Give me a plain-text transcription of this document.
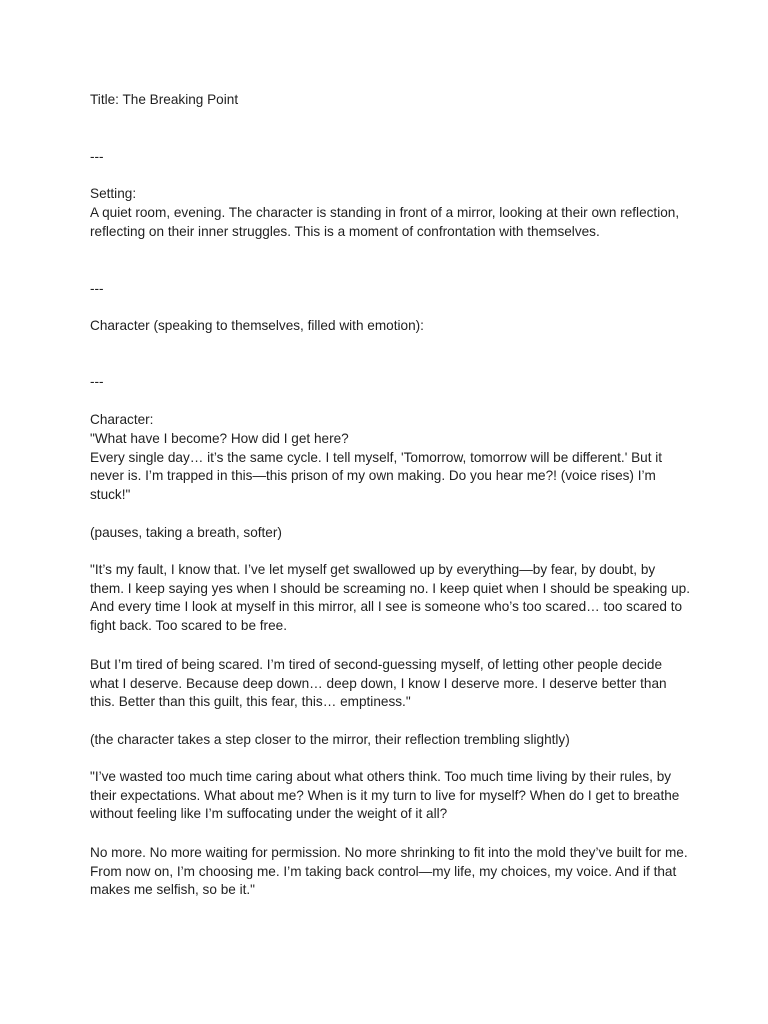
Title: The Breaking Point
---
Setting:
A quiet room, evening. The character is standing in front of a mirror, looking at their own reflection, reflecting on their inner struggles. This is a moment of confrontation with themselves.
---
Character (speaking to themselves, filled with emotion):
---
Character:
"What have I become? How did I get here?
Every single day… it’s the same cycle. I tell myself, 'Tomorrow, tomorrow will be different.' But it never is. I’m trapped in this—this prison of my own making. Do you hear me?! (voice rises) I’m stuck!"
(pauses, taking a breath, softer)
"It’s my fault, I know that. I’ve let myself get swallowed up by everything—by fear, by doubt, by them. I keep saying yes when I should be screaming no. I keep quiet when I should be speaking up. And every time I look at myself in this mirror, all I see is someone who’s too scared… too scared to fight back. Too scared to be free.
But I’m tired of being scared. I’m tired of second-guessing myself, of letting other people decide what I deserve. Because deep down… deep down, I know I deserve more. I deserve better than this. Better than this guilt, this fear, this… emptiness."
(the character takes a step closer to the mirror, their reflection trembling slightly)
"I’ve wasted too much time caring about what others think. Too much time living by their rules, by their expectations. What about me? When is it my turn to live for myself? When do I get to breathe without feeling like I’m suffocating under the weight of it all?
No more. No more waiting for permission. No more shrinking to fit into the mold they’ve built for me. From now on, I’m choosing me. I’m taking back control—my life, my choices, my voice. And if that makes me selfish, so be it."
